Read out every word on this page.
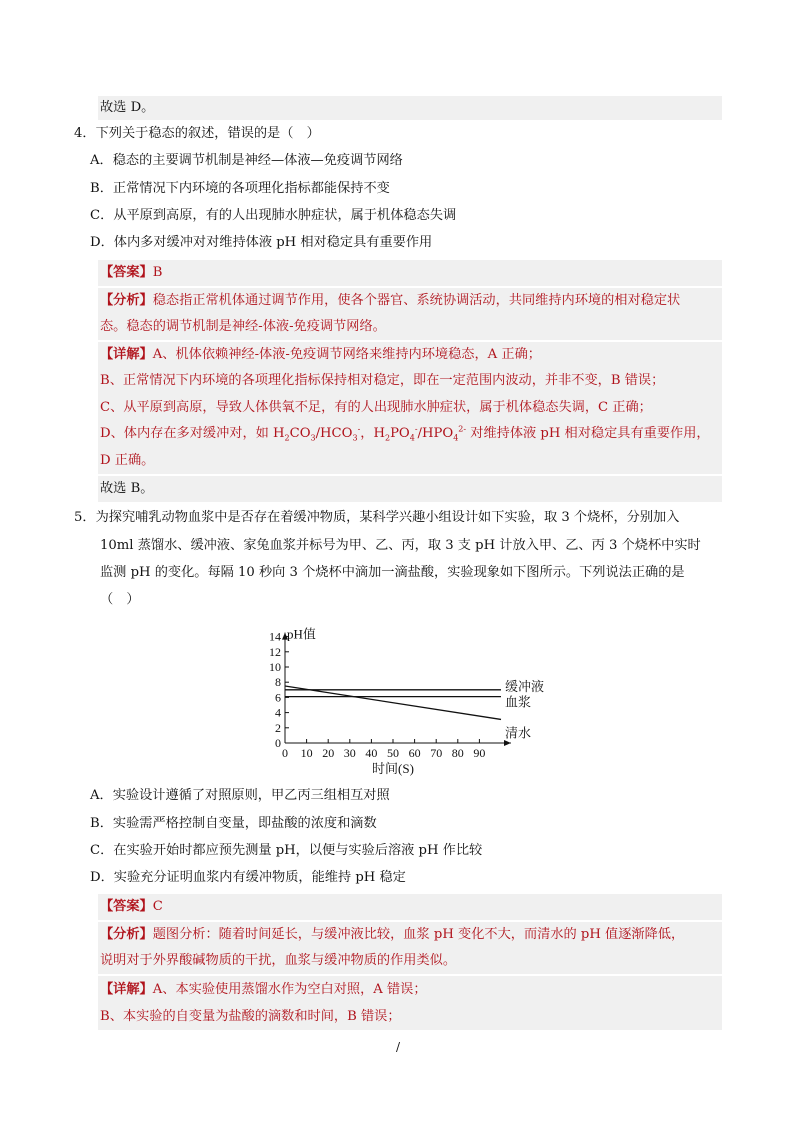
故选 D。
4．下列关于稳态的叙述，错误的是（　）
A．稳态的主要调节机制是神经—体液—免疫调节网络
B．正常情况下内环境的各项理化指标都能保持不变
C．从平原到高原，有的人出现肺水肿症状，属于机体稳态失调
D．体内多对缓冲对对维持体液 pH 相对稳定具有重要作用
【答案】B
【分析】稳态指正常机体通过调节作用，使各个器官、系统协调活动，共同维持内环境的相对稳定状
态。稳态的调节机制是神经-体液-免疫调节网络。
【详解】A、机体依赖神经-体液-免疫调节网络来维持内环境稳态，A 正确；
B、正常情况下内环境的各项理化指标保持相对稳定，即在一定范围内波动，并非不变，B 错误；
C、从平原到高原，导致人体供氧不足，有的人出现肺水肿症状，属于机体稳态失调，C 正确；
D、体内存在多对缓冲对，如 $H_2CO_3/HCO_3^-$，$H_2PO_4^-/HPO_4^{2-}$ 对维持体液 pH 相对稳定具有重要作用，
D 正确。
故选 B。
5．为探究哺乳动物血浆中是否存在着缓冲物质，某科学兴趣小组设计如下实验，取 3 个烧杯，分别加入
10ml 蒸馏水、缓冲液、家兔血浆并标号为甲、乙、丙，取 3 支 pH 计放入甲、乙、丙 3 个烧杯中实时
监测 pH 的变化。每隔 10 秒向 3 个烧杯中滴加一滴盐酸，实验现象如下图所示。下列说法正确的是
（　）
0
2
4
6
8
10
12
14
0 10 20 30 40 50 60 70 80 90
pH值
时间(S)
缓冲液
血浆
清水
A．实验设计遵循了对照原则，甲乙丙三组相互对照
B．实验需严格控制自变量，即盐酸的浓度和滴数
C．在实验开始时都应预先测量 pH，以便与实验后溶液 pH 作比较
D．实验充分证明血浆内有缓冲物质，能维持 pH 稳定
【答案】C
【分析】题图分析：随着时间延长，与缓冲液比较，血浆 pH 变化不大，而清水的 pH 值逐渐降低，
说明对于外界酸碱物质的干扰，血浆与缓冲物质的作用类似。
【详解】A、本实验使用蒸馏水作为空白对照，A 错误；
B、本实验的自变量为盐酸的滴数和时间，B 错误；
/
